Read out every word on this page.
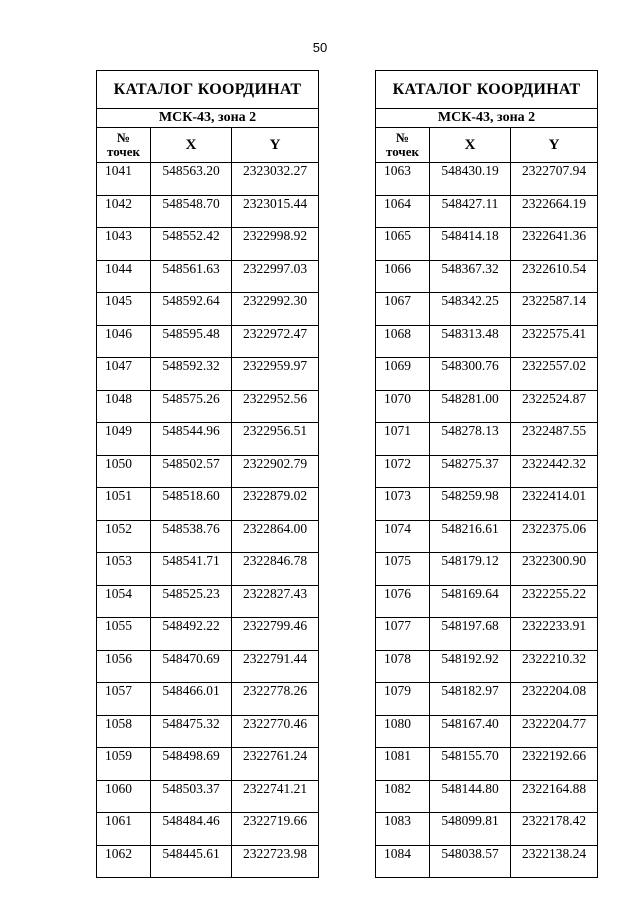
50
КАТАЛОГ КООРДИНАТ		
МСК-43, зона 2		

№
точек	X	Y
1041	548563.20	2323032.27
1042	548548.70	2323015.44
1043	548552.42	2322998.92
1044	548561.63	2322997.03
1045	548592.64	2322992.30
1046	548595.48	2322972.47
1047	548592.32	2322959.97
1048	548575.26	2322952.56
1049	548544.96	2322956.51
1050	548502.57	2322902.79
1051	548518.60	2322879.02
1052	548538.76	2322864.00
1053	548541.71	2322846.78
1054	548525.23	2322827.43
1055	548492.22	2322799.46
1056	548470.69	2322791.44
1057	548466.01	2322778.26
1058	548475.32	2322770.46
1059	548498.69	2322761.24
1060	548503.37	2322741.21
1061	548484.46	2322719.66
1062	548445.61	2322723.98
КАТАЛОГ КООРДИНАТ		
МСК-43, зона 2		

№
точек	X	Y
1063	548430.19	2322707.94
1064	548427.11	2322664.19
1065	548414.18	2322641.36
1066	548367.32	2322610.54
1067	548342.25	2322587.14
1068	548313.48	2322575.41
1069	548300.76	2322557.02
1070	548281.00	2322524.87
1071	548278.13	2322487.55
1072	548275.37	2322442.32
1073	548259.98	2322414.01
1074	548216.61	2322375.06
1075	548179.12	2322300.90
1076	548169.64	2322255.22
1077	548197.68	2322233.91
1078	548192.92	2322210.32
1079	548182.97	2322204.08
1080	548167.40	2322204.77
1081	548155.70	2322192.66
1082	548144.80	2322164.88
1083	548099.81	2322178.42
1084	548038.57	2322138.24
